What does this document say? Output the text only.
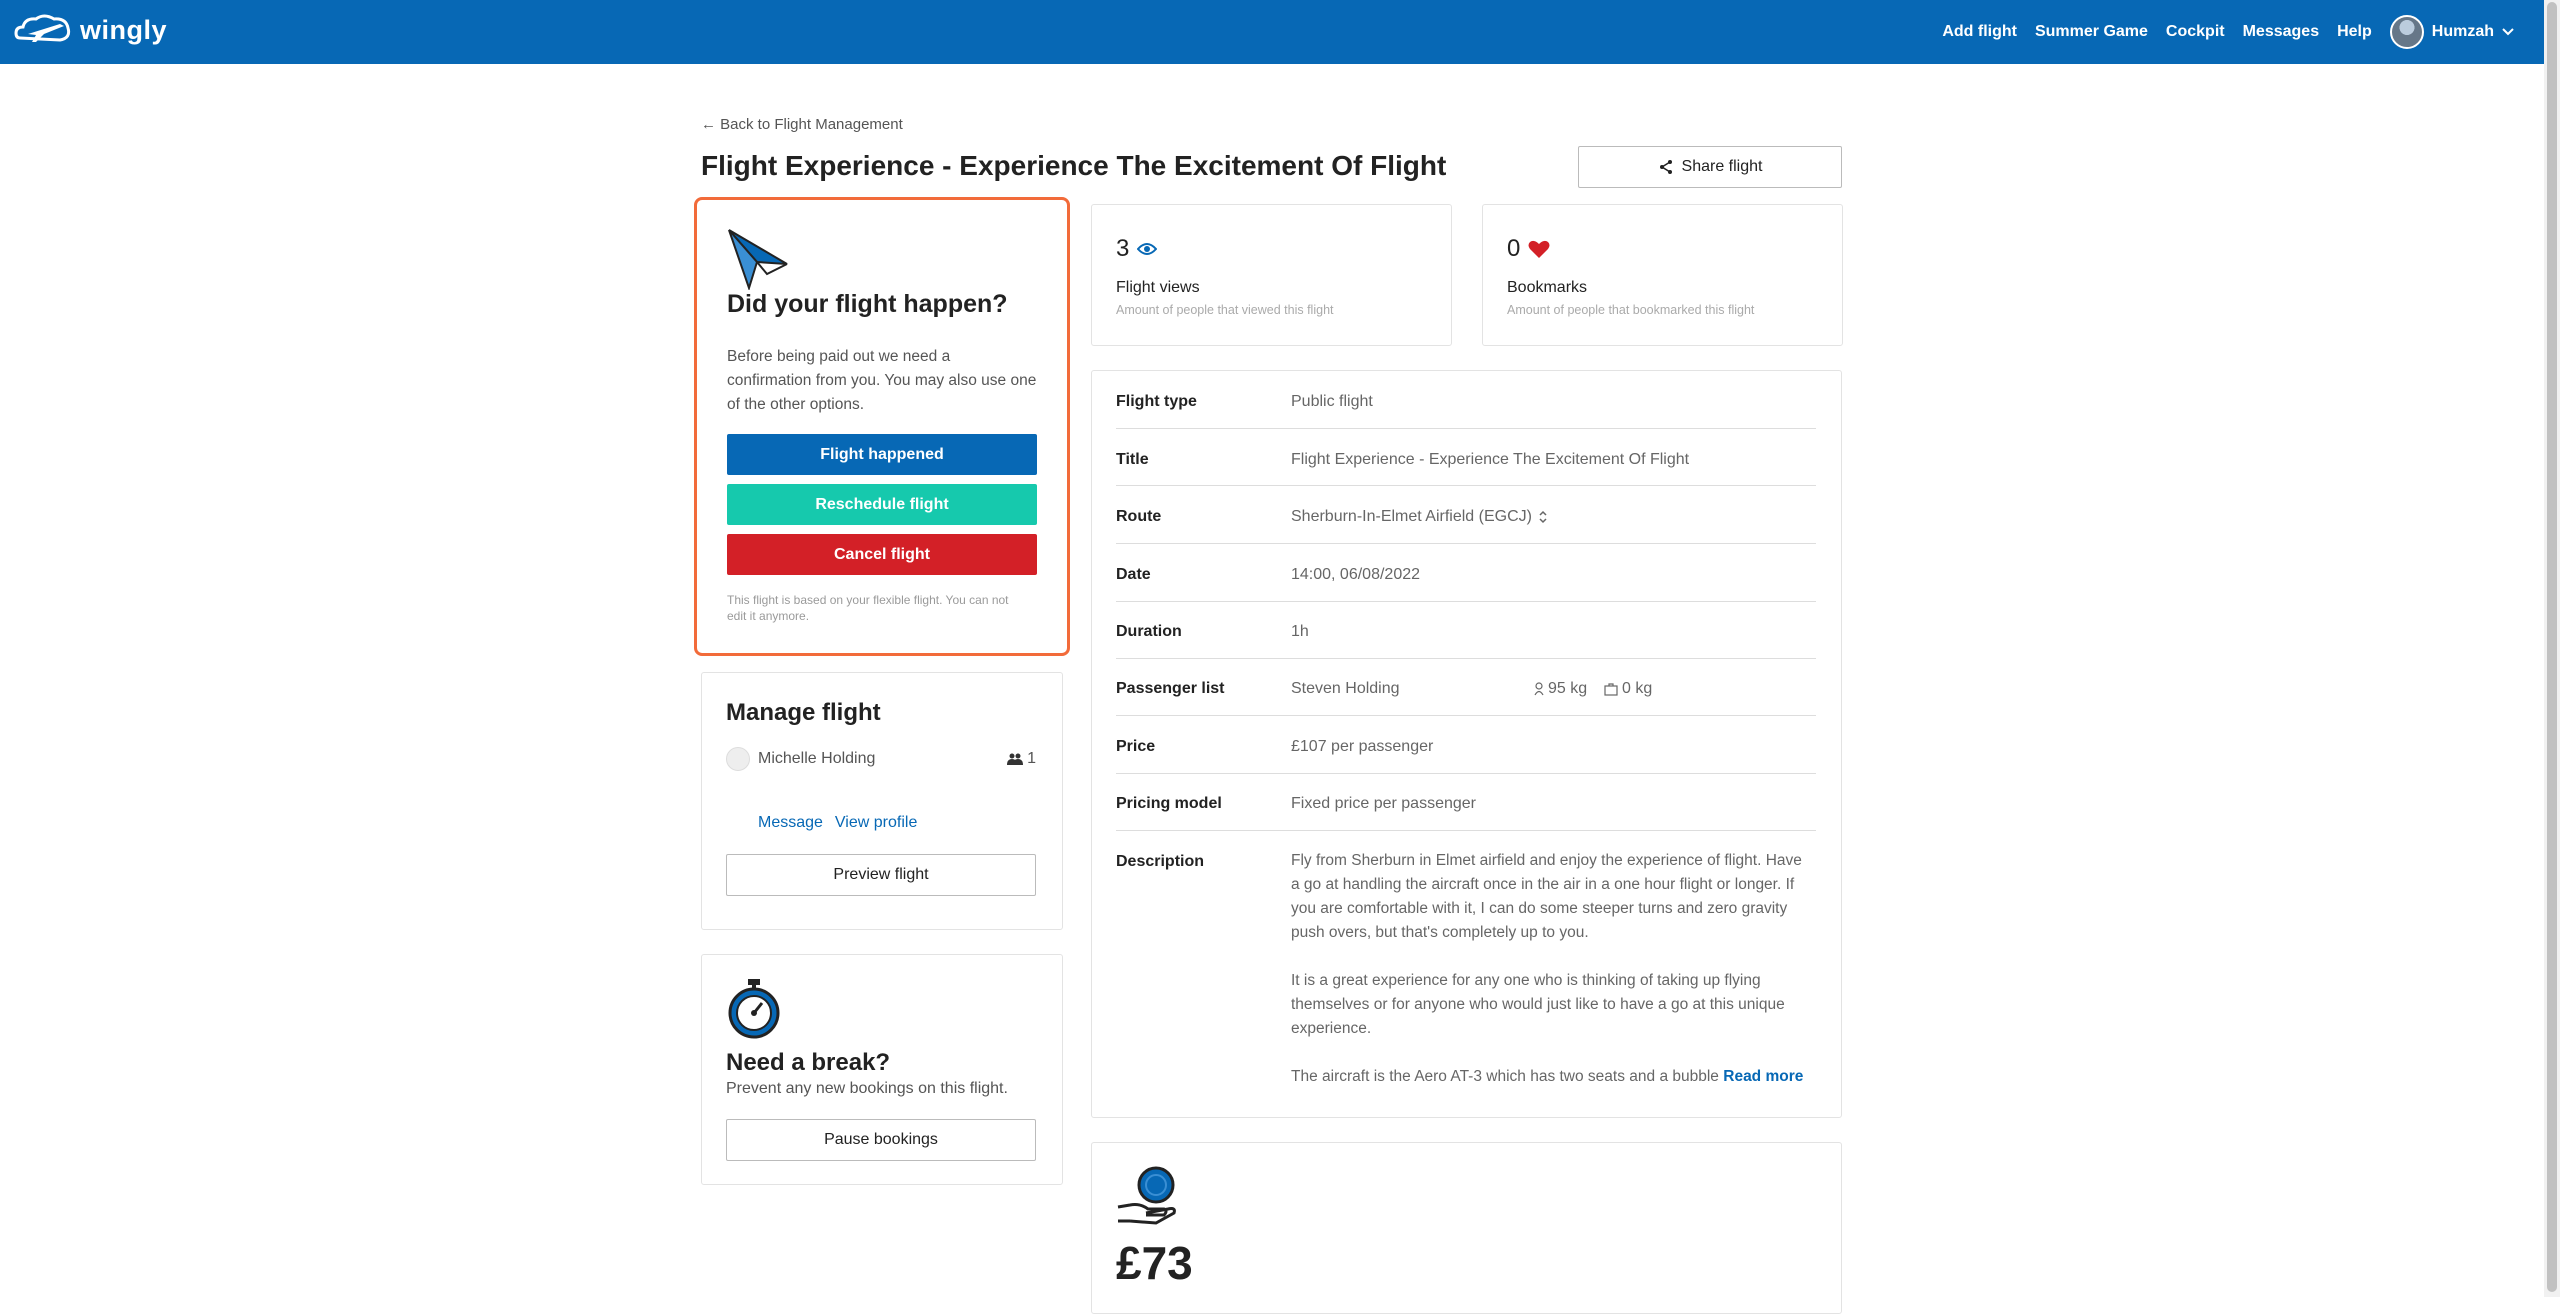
wingly	Add flight Summer Game Cockpit Messages Help	Humzah
← Back to Flight Management
Flight Experience - Experience The Excitement Of Flight	Share flight
Did your flight happen?

Before being paid out we need a confirmation from you. You may also use one of the other options.

Flight happened
Reschedule flight
Cancel flight
This flight is based on your flexible flight. You can not edit it anymore.
Manage flight
Michelle Holding	1
Message View profile
Preview flight
Need a break?
Prevent any new bookings on this flight.
Pause bookings
3
Flight views
Amount of people that viewed this flight
0
Bookmarks
Amount of people that bookmarked this flight
Flight type	Public flight
Title	Flight Experience - Experience The Excitement Of Flight
Route	Sherburn-In-Elmet Airfield (EGCJ)
Date	14:00, 06/08/2022
Duration	1h
Passenger list	Steven Holding	95 kg 0 kg
Price	£107 per passenger
Pricing model	Fixed price per passenger
Description	Fly from Sherburn in Elmet airfield and enjoy the experience of flight. Have a go at handling the aircraft once in the air in a one hour flight or longer. If you are comfortable with it, I can do some steeper turns and zero gravity push overs, but that's completely up to you.

It is a great experience for any one who is thinking of taking up flying themselves or for anyone who would just like to have a go at this unique experience.

The aircraft is the Aero AT-3 which has two seats and a bubble Read more

£73
